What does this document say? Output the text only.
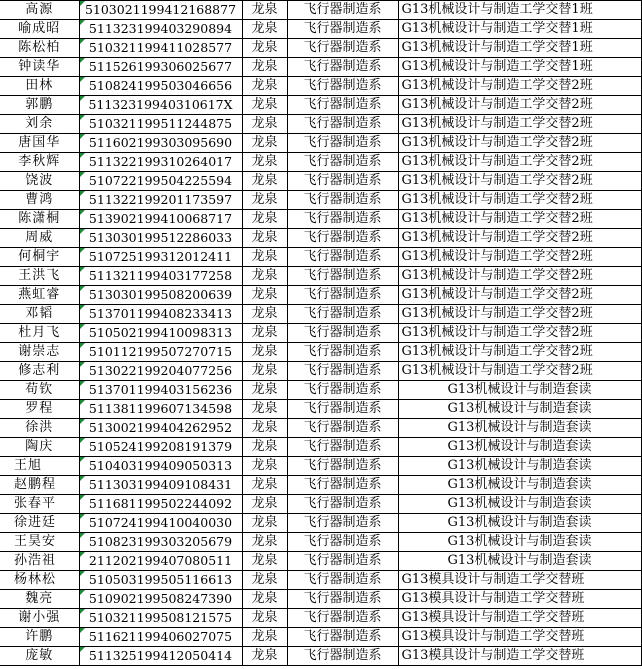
高源	510302119941216887​7	龙泉	飞行器制造系	G13机械设计与制造工学交替1班
喻成昭	511323199403290894	龙泉	飞行器制造系	G13机械设计与制造工学交替1班
陈松柏	510321199411028577	龙泉	飞行器制造系	G13机械设计与制造工学交替1班
钟读华	511526199306025677	龙泉	飞行器制造系	G13机械设计与制造工学交替1班
田林	510824199503046656	龙泉	飞行器制造系	G13机械设计与制造工学交替2班
郭鹏	51132319940310617X	龙泉	飞行器制造系	G13机械设计与制造工学交替2班
刘余	510321199511244875	龙泉	飞行器制造系	G13机械设计与制造工学交替2班
唐国华	511602199303095690	龙泉	飞行器制造系	G13机械设计与制造工学交替2班
李秋辉	511322199310264017	龙泉	飞行器制造系	G13机械设计与制造工学交替2班
饶波	510722199504225594	龙泉	飞行器制造系	G13机械设计与制造工学交替2班
曹鸿	511322199201173597	龙泉	飞行器制造系	G13机械设计与制造工学交替2班
陈潇桐	513902199410068717	龙泉	飞行器制造系	G13机械设计与制造工学交替2班
周威	513030199512286033	龙泉	飞行器制造系	G13机械设计与制造工学交替2班
何桐宇	510725199312012411	龙泉	飞行器制造系	G13机械设计与制造工学交替2班
王洪飞	511321199403177258	龙泉	飞行器制造系	G13机械设计与制造工学交替2班
燕虹睿	513030199508200639	龙泉	飞行器制造系	G13机械设计与制造工学交替2班
邓韬	513701199408233413	龙泉	飞行器制造系	G13机械设计与制造工学交替2班
杜月飞	510502199410098313	龙泉	飞行器制造系	G13机械设计与制造工学交替2班
谢崇志	510112199507270715	龙泉	飞行器制造系	G13机械设计与制造工学交替2班
修志利	513022199204077256	龙泉	飞行器制造系	G13机械设计与制造工学交替2班
苟钦	513701199403156236	龙泉	飞行器制造系	G13机械设计与制造套读
罗程	511381199607134598	龙泉	飞行器制造系	G13机械设计与制造套读
徐洪	513002199404262952	龙泉	飞行器制造系	G13机械设计与制造套读
陶庆	510524199208191379	龙泉	飞行器制造系	G13机械设计与制造套读
王旭	510403199409050313	龙泉	飞行器制造系	G13机械设计与制造套读
赵鹏程	511303199409108431	龙泉	飞行器制造系	G13机械设计与制造套读
张春平	511681199502244092	龙泉	飞行器制造系	G13机械设计与制造套读
徐进廷	510724199410040030	龙泉	飞行器制造系	G13机械设计与制造套读
王昊安	510823199303205679	龙泉	飞行器制造系	G13机械设计与制造套读
孙浩祖	211202199407080511	龙泉	飞行器制造系	G13机械设计与制造套读
杨林松	510503199505116613	龙泉	飞行器制造系	G13模具设计与制造工学交替班
魏亮	510902199508247390	龙泉	飞行器制造系	G13模具设计与制造工学交替班
谢小强	510321199508121575	龙泉	飞行器制造系	G13模具设计与制造工学交替班
许鹏	511621199406027075	龙泉	飞行器制造系	G13模具设计与制造工学交替班
庞敏	511325199412050414	龙泉	飞行器制造系	G13模具设计与制造工学交替班
